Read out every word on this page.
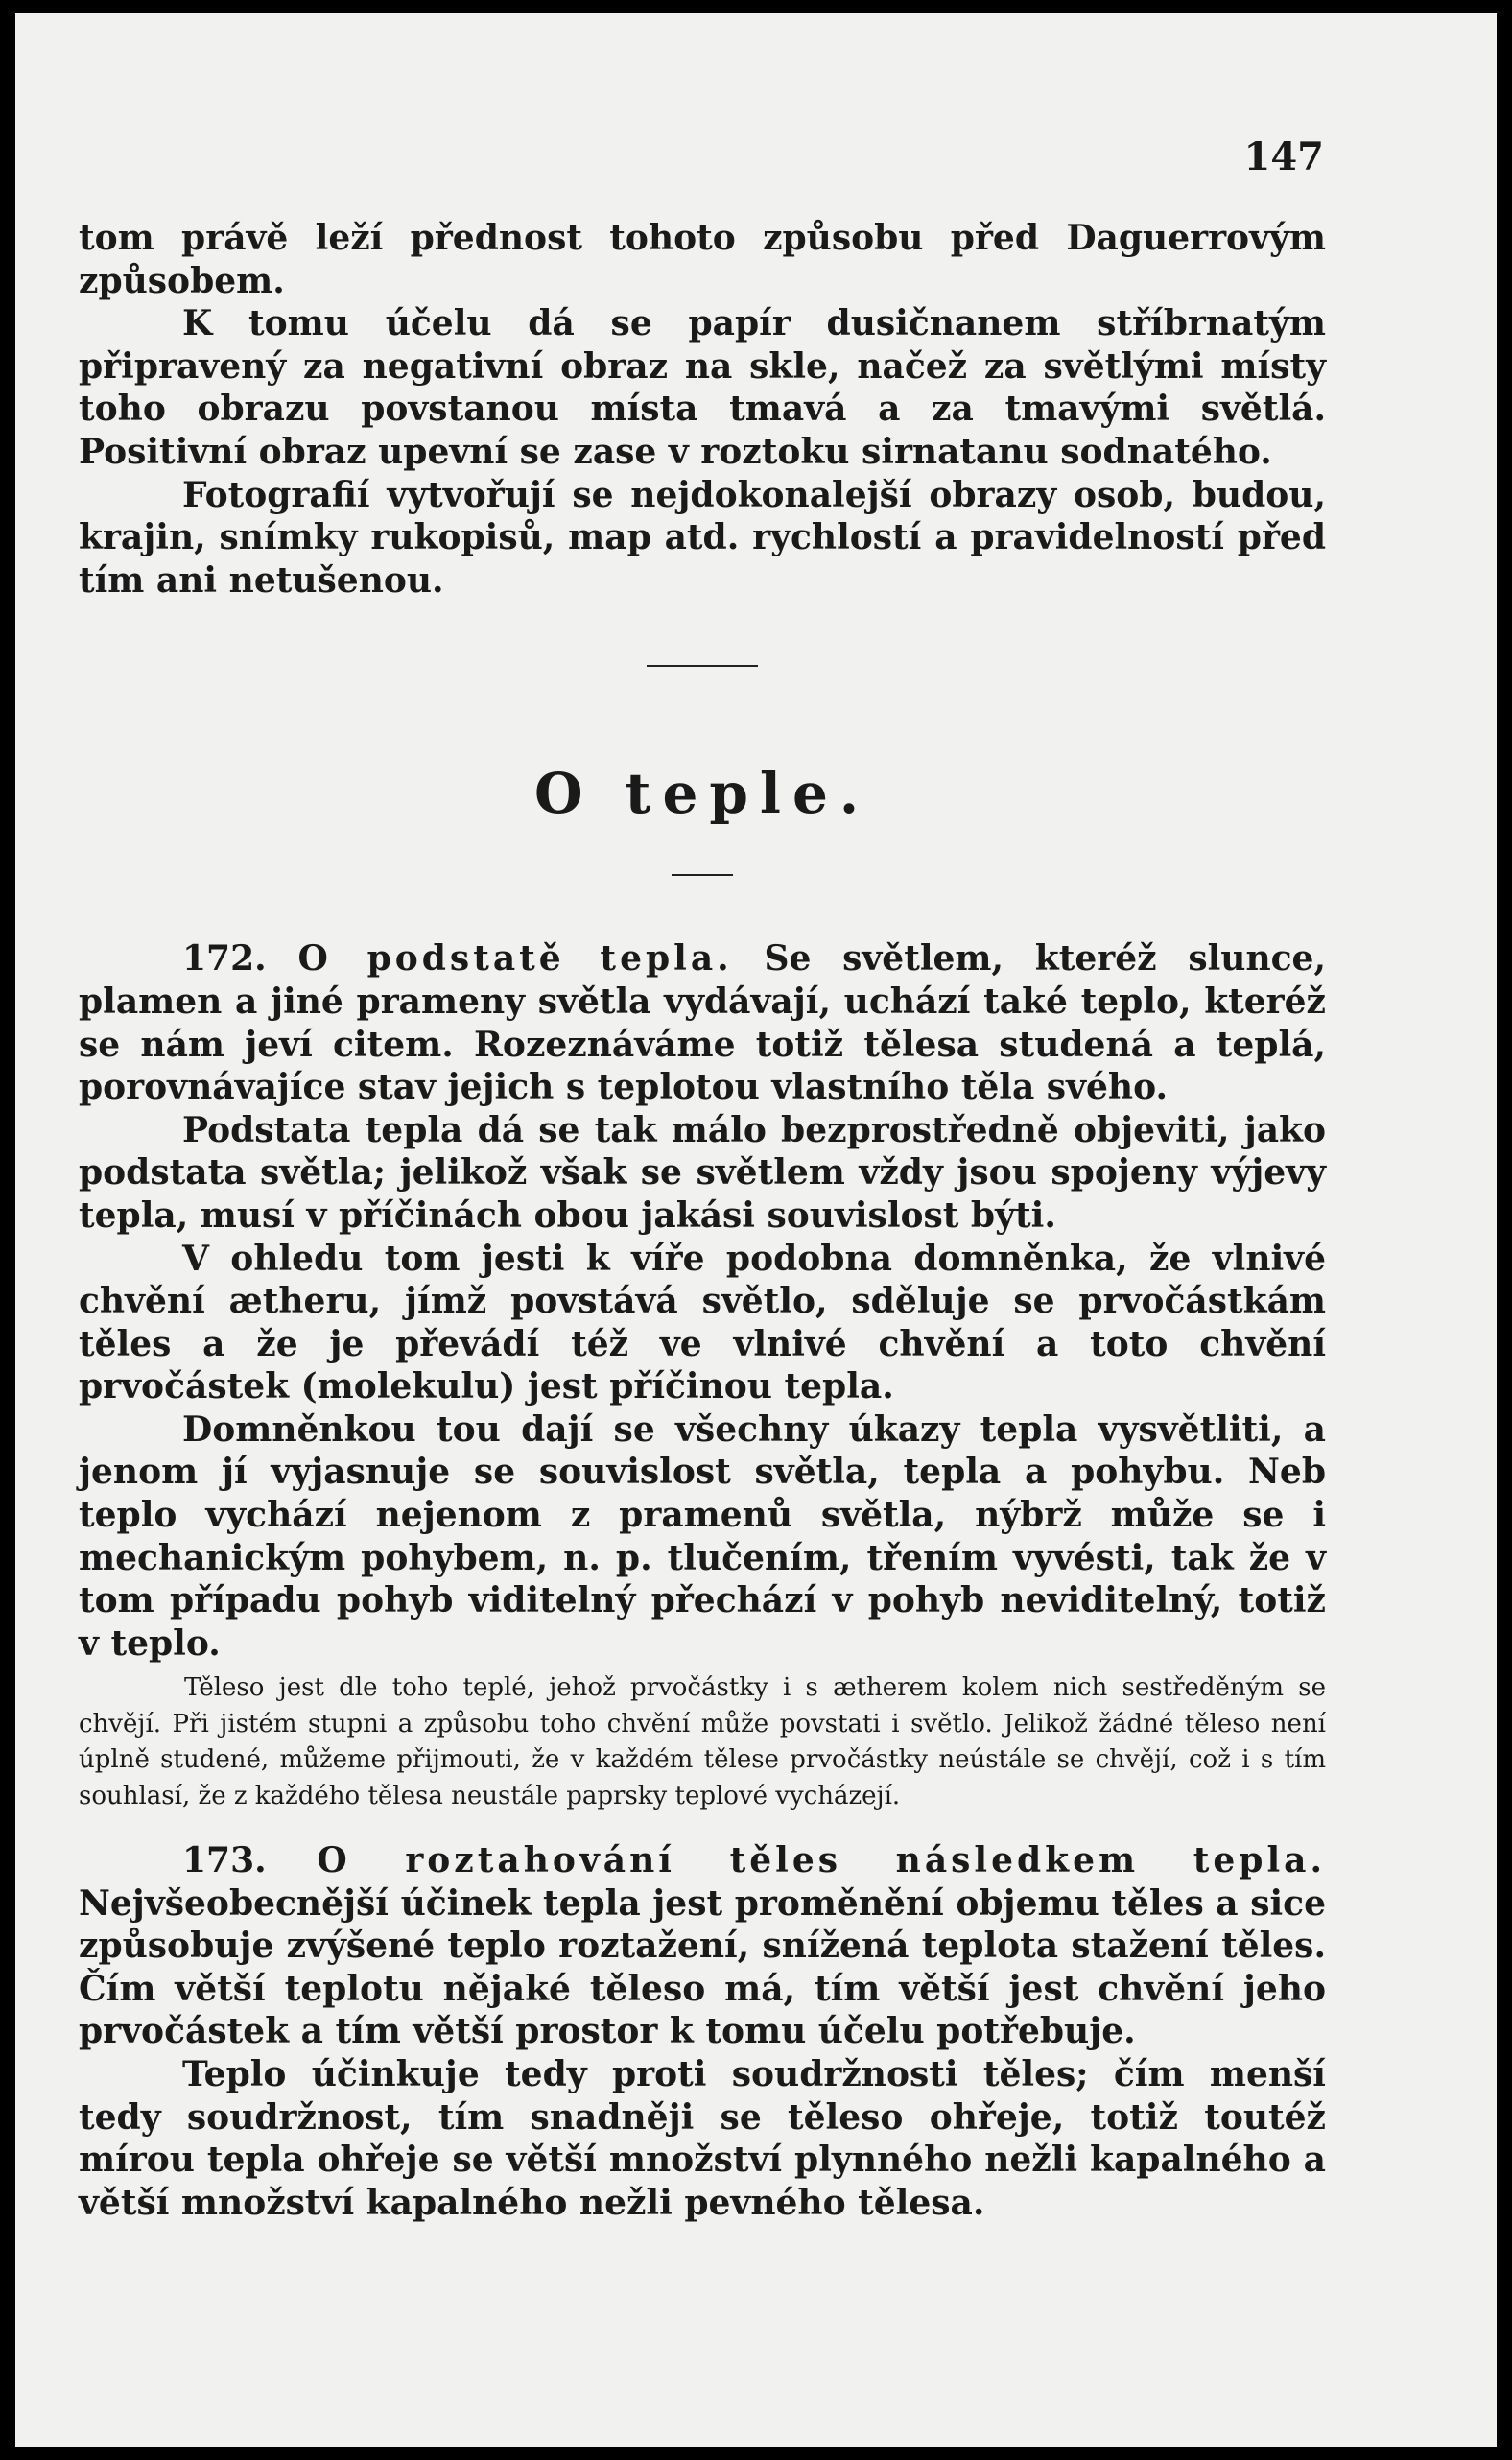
147

tom právě leží přednost tohoto způsobu před Daguerrovým způsobem.

K tomu účelu dá se papír dusičnanem stříbrnatým připravený za negativní obraz na skle, načež za světlými místy toho obrazu povstanou místa tmavá a za tmavými světlá. Positivní obraz upevní se zase v roztoku sirnatanu sodnatého.

Fotografií vytvořují se nejdokonalejší obrazy osob, budou, krajin, snímky rukopisů, map atd. rychlostí a pravidelností před tím ani netušenou.

O teple.

172. O podstatě tepla. Se světlem, kteréž slunce, plamen a jiné prameny světla vydávají, uchází také teplo, kteréž se nám jeví citem. Rozeznáváme totiž tělesa studená a teplá, porovnávajíce stav jejich s teplotou vlastního těla svého.

Podstata tepla dá se tak málo bezprostředně objeviti, jako podstata světla; jelikož však se světlem vždy jsou spojeny výjevy tepla, musí v příčinách obou jakási souvislost býti.

V ohledu tom jesti k víře podobna domněnka, že vlnivé chvění ætheru, jímž povstává světlo, sděluje se prvočástkám těles a že je převádí též ve vlnivé chvění a toto chvění prvočástek (molekulu) jest příčinou tepla.

Domněnkou tou dají se všechny úkazy tepla vysvětliti, a jenom jí vyjasnuje se souvislost světla, tepla a pohybu. Neb teplo vychází nejenom z pramenů světla, nýbrž může se i mechanickým pohybem, n. p. tlučením, třením vyvésti, tak že v tom případu pohyb viditelný přechází v pohyb neviditelný, totiž v teplo.

Těleso jest dle toho teplé, jehož prvočástky i s ætherem kolem nich sestředěným se chvějí. Při jistém stupni a způsobu toho chvění může povstati i světlo. Jelikož žádné těleso není úplně studené, můžeme přijmouti, že v každém tělese prvočástky neústále se chvějí, což i s tím souhlasí, že z každého tělesa neustále paprsky teplové vycházejí.

173. O roztahování těles následkem tepla. Nejvšeobecnější účinek tepla jest proměnění objemu těles a sice způsobuje zvýšené teplo roztažení, snížená teplota stažení těles. Čím větší teplotu nějaké těleso má, tím větší jest chvění jeho prvočástek a tím větší prostor k tomu účelu potřebuje.

Teplo účinkuje tedy proti soudržnosti těles; čím menší tedy soudržnost, tím snadněji se těleso ohřeje, totiž toutéž mírou tepla ohřeje se větší množství plynného nežli kapalného a větší množství kapalného nežli pevného tělesa.
